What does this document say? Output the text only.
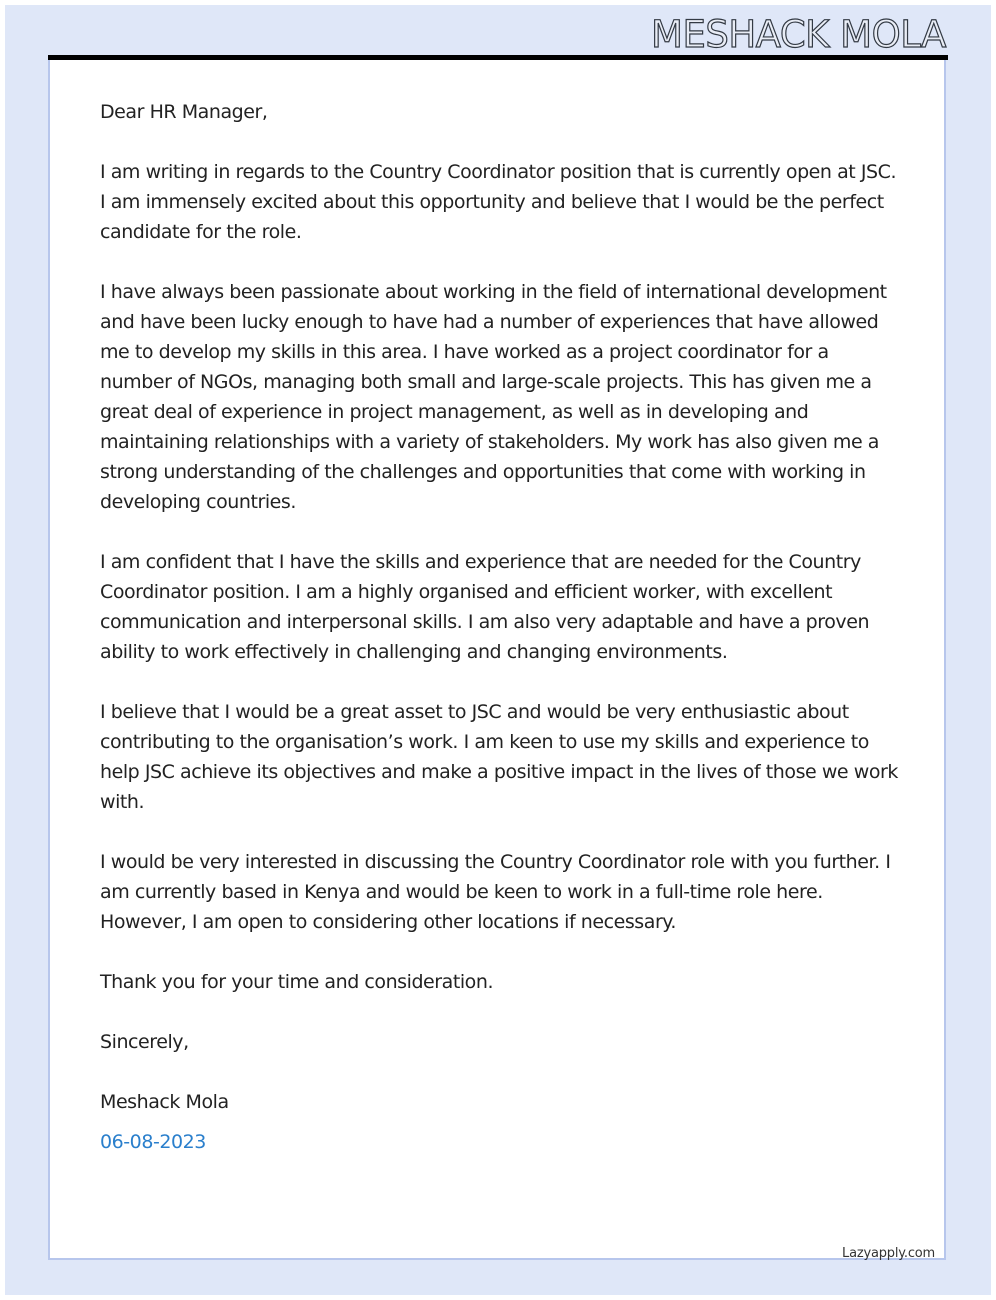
MESHACK MOLA

Dear HR Manager,

I am writing in regards to the Country Coordinator position that is currently open at JSC. I am immensely excited about this opportunity and believe that I would be the perfect candidate for the role.

I have always been passionate about working in the field of international development and have been lucky enough to have had a number of experiences that have allowed me to develop my skills in this area. I have worked as a project coordinator for a number of NGOs, managing both small and large-scale projects. This has given me a great deal of experience in project management, as well as in developing and maintaining relationships with a variety of stakeholders. My work has also given me a strong understanding of the challenges and opportunities that come with working in developing countries.

I am confident that I have the skills and experience that are needed for the Country Coordinator position. I am a highly organised and efficient worker, with excellent communication and interpersonal skills. I am also very adaptable and have a proven ability to work effectively in challenging and changing environments.

I believe that I would be a great asset to JSC and would be very enthusiastic about contributing to the organisation’s work. I am keen to use my skills and experience to help JSC achieve its objectives and make a positive impact in the lives of those we work with.

I would be very interested in discussing the Country Coordinator role with you further. I am currently based in Kenya and would be keen to work in a full-time role here. However, I am open to considering other locations if necessary.

Thank you for your time and consideration.

Sincerely,

Meshack Mola

06-08-2023

Lazyapply.com
